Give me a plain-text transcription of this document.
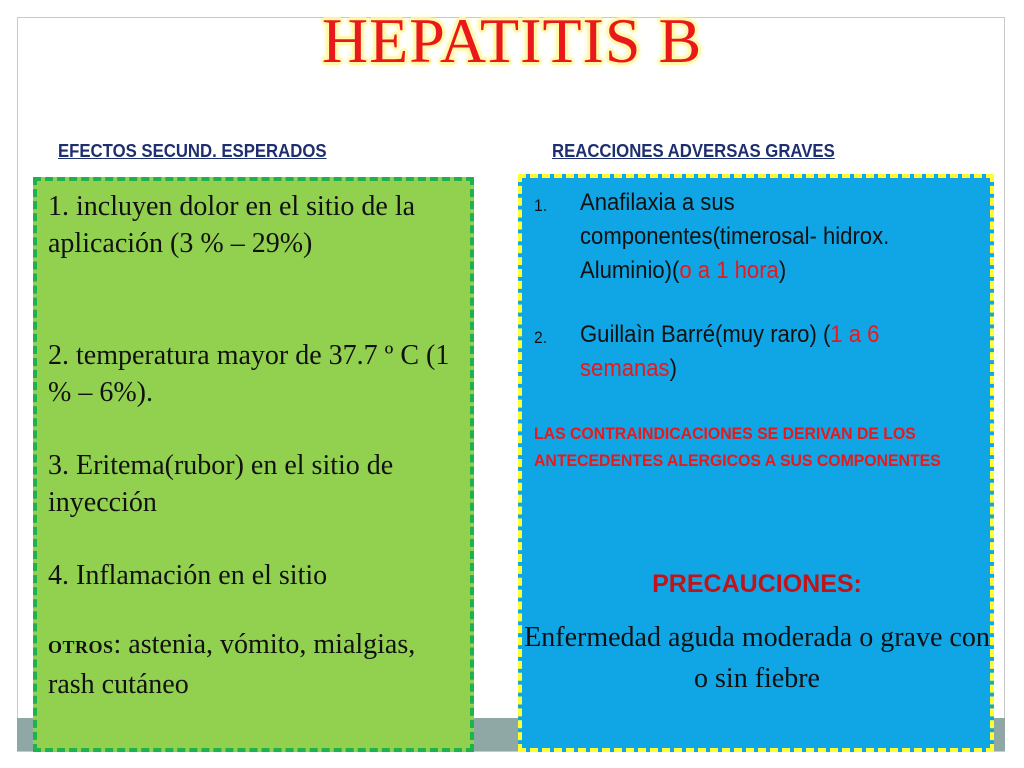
HEPATITIS B
EFECTOS SECUND. ESPERADOS	REACCIONES ADVERSAS GRAVES

1. incluyen dolor en el sitio de la aplicación (3 % – 29%)

2. temperatura mayor de 37.7 º C (1 % – 6%).

3. Eritema(rubor) en el sitio de inyección

4. Inflamación en el sitio

OTROS: astenia, vómito, mialgias, rash cutáneo

1. Anafilaxia a sus componentes(timerosal- hidrox. Aluminio)(o a 1 hora)
2. Guillaìn Barré(muy raro) (1 a 6 semanas)
LAS CONTRAINDICACIONES SE DERIVAN DE LOS ANTECEDENTES ALERGICOS A SUS COMPONENTES
PRECAUCIONES:
Enfermedad aguda moderada o grave con o sin fiebre
